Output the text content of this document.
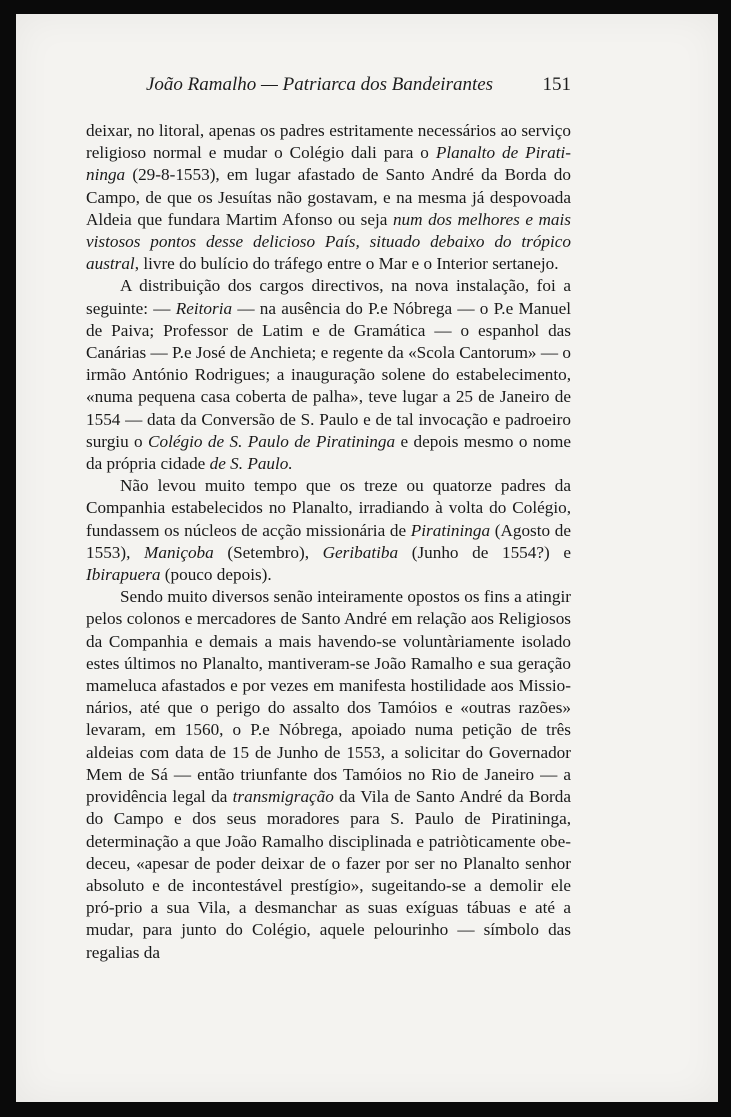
João Ramalho — Patriarca dos Bandeirantes	151

deixar, no litoral, apenas os padres estritamente necessários ao serviço religioso normal e mudar o Colégio dali para o Planalto de Pirati-ninga (29-8-1553), em lugar afastado de Santo André da Borda do Campo, de que os Jesuítas não gostavam, e na mesma já despovoada Aldeia que fundara Martim Afonso ou seja num dos melhores e mais vistosos pontos desse delicioso País, situado debaixo do trópico austral, livre do bulício do tráfego entre o Mar e o Interior sertanejo.

A distribuição dos cargos directivos, na nova instalação, foi a seguinte: — Reitoria — na ausência do P.e Nóbrega — o P.e Manuel de Paiva; Professor de Latim e de Gramática — o espanhol das Canárias — P.e José de Anchieta; e regente da «Scola Cantorum» — o irmão António Rodrigues; a inauguração solene do estabelecimento, «numa pequena casa coberta de palha», teve lugar a 25 de Janeiro de 1554 — data da Conversão de S. Paulo e de tal invocação e padroeiro surgiu o Colégio de S. Paulo de Piratininga e depois mesmo o nome da própria cidade de S. Paulo.

Não levou muito tempo que os treze ou quatorze padres da Companhia estabelecidos no Planalto, irradiando à volta do Colégio, fundassem os núcleos de acção missionária de Piratininga (Agosto de 1553), Maniçoba (Setembro), Geribatiba (Junho de 1554?) e Ibirapuera (pouco depois).

Sendo muito diversos senão inteiramente opostos os fins a atingir pelos colonos e mercadores de Santo André em relação aos Religiosos da Companhia e demais a mais havendo-se voluntàriamente isolado estes últimos no Planalto, mantiveram-se João Ramalho e sua geração mameluca afastados e por vezes em manifesta hostilidade aos Missio-nários, até que o perigo do assalto dos Tamóios e «outras razões» levaram, em 1560, o P.e Nóbrega, apoiado numa petição de três aldeias com data de 15 de Junho de 1553, a solicitar do Governador Mem de Sá — então triunfante dos Tamóios no Rio de Janeiro — a providência legal da transmigração da Vila de Santo André da Borda do Campo e dos seus moradores para S. Paulo de Piratininga, determinação a que João Ramalho disciplinada e patriòticamente obe-deceu, «apesar de poder deixar de o fazer por ser no Planalto senhor absoluto e de incontestável prestígio», sugeitando-se a demolir ele pró-prio a sua Vila, a desmanchar as suas exíguas tábuas e até a mudar, para junto do Colégio, aquele pelourinho — símbolo das regalias da
